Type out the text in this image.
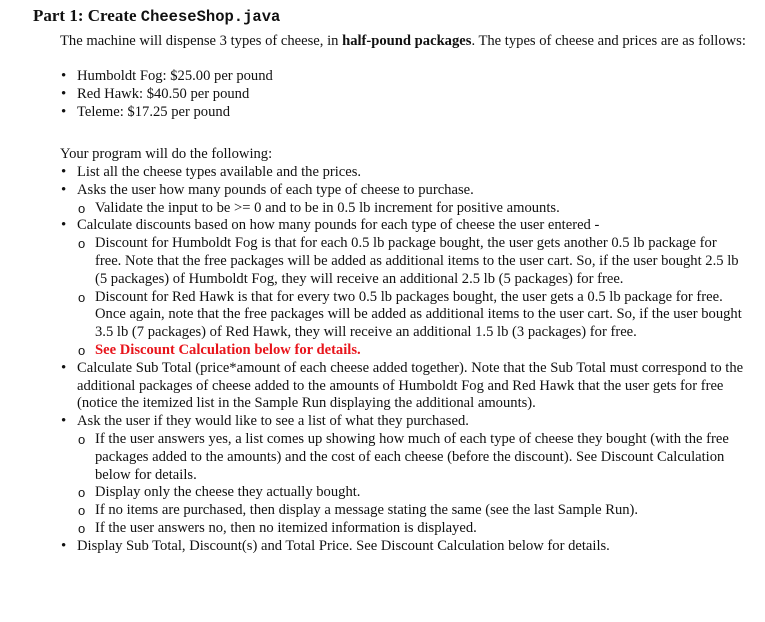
Part 1: Create CheeseShop.java
The machine will dispense 3 types of cheese, in half-pound packages. The types of cheese and prices are as follows:
• Humboldt Fog: $25.00 per pound
• Red Hawk: $40.50 per pound
• Teleme: $17.25 per pound
Your program will do the following:
• List all the cheese types available and the prices.
• Asks the user how many pounds of each type of cheese to purchase.
o Validate the input to be >= 0 and to be in 0.5 lb increment for positive amounts.
• Calculate discounts based on how many pounds for each type of cheese the user entered -
o Discount for Humboldt Fog is that for each 0.5 lb package bought, the user gets another 0.5 lb package for free. Note that the free packages will be added as additional items to the user cart. So, if the user bought 2.5 lb (5 packages) of Humboldt Fog, they will receive an additional 2.5 lb (5 packages) for free.
o Discount for Red Hawk is that for every two 0.5 lb packages bought, the user gets a 0.5 lb package for free. Once again, note that the free packages will be added as additional items to the user cart. So, if the user bought 3.5 lb (7 packages) of Red Hawk, they will receive an additional 1.5 lb (3 packages) for free.
o See Discount Calculation below for details.
• Calculate Sub Total (price*amount of each cheese added together). Note that the Sub Total must correspond to the additional packages of cheese added to the amounts of Humboldt Fog and Red Hawk that the user gets for free (notice the itemized list in the Sample Run displaying the additional amounts).
• Ask the user if they would like to see a list of what they purchased.
o If the user answers yes, a list comes up showing how much of each type of cheese they bought (with the free packages added to the amounts) and the cost of each cheese (before the discount). See Discount Calculation below for details.
o Display only the cheese they actually bought.
o If no items are purchased, then display a message stating the same (see the last Sample Run).
o If the user answers no, then no itemized information is displayed.
• Display Sub Total, Discount(s) and Total Price. See Discount Calculation below for details.
